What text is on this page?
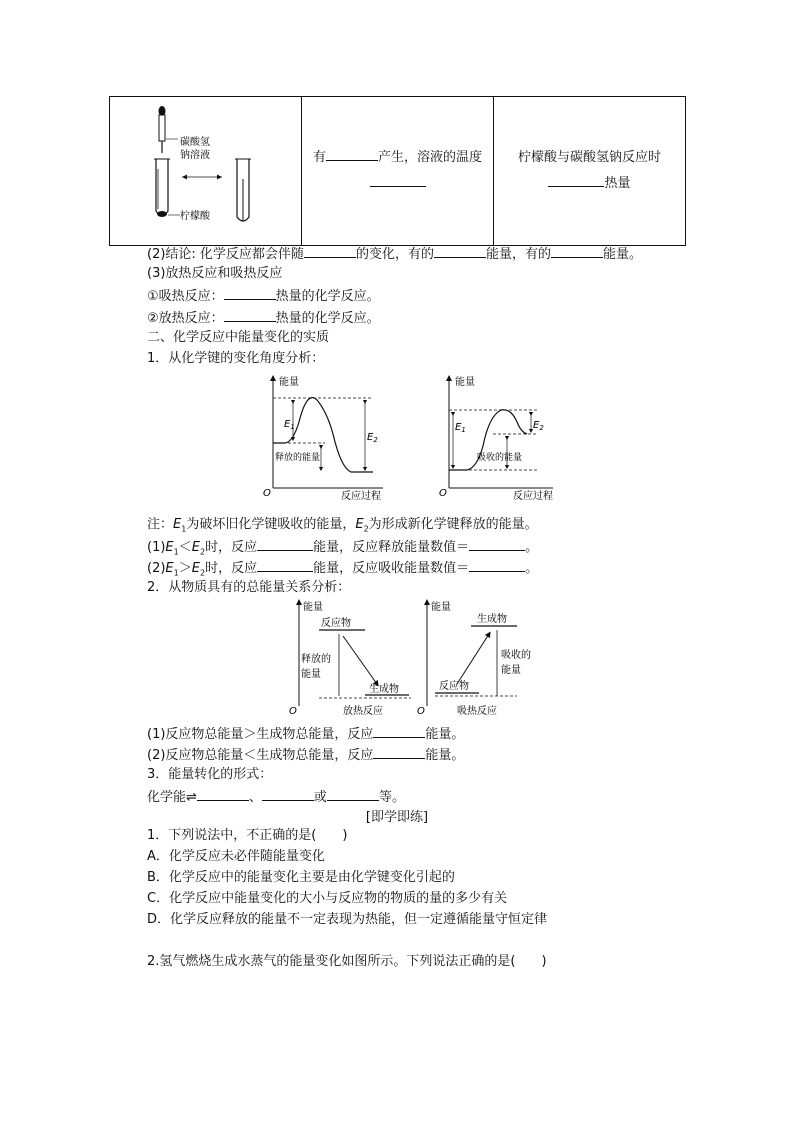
碳酸氢
钠溶液
柠檬酸

有	产生，溶液的温度	柠檬酸与碳酸氢钠反应时
热量
(2)结论: 化学反应都会伴随	的变化，有的	能量，有的	能量。
(3)放热反应和吸热反应
①吸热反应：	热量的化学反应。
②放热反应：	热量的化学反应。
二、化学反应中能量变化的实质
1．从化学键的变化角度分析：
能量
O	反应过程
$E_1$
$E_2$
释放的能量
能量
O	反应过程
$E_1$	$E_2$
吸收的能量
注：$E_1$为破坏旧化学键吸收的能量，$E_2$为形成新化学键释放的能量。
$(1)E_1<E_2$时，反应	能量，反应释放能量数值＝	。
$(2)E_1>E_2$时，反应	能量，反应吸收能量数值＝	。
2．从物质具有的总能量关系分析：
能量
O
反应物
生成物
释放的
能量
放热反应
能量
O
生成物
反应物
吸收的
能量
吸热反应
(1)反应物总能量＞生成物总能量，反应	能量。
(2)反应物总能量＜生成物总能量，反应	能量。
3．能量转化的形式：
化学能⇌	、	或	等。
[即学即练]
1．下列说法中，不正确的是(　　)
A．化学反应未必伴随能量变化
B．化学反应中的能量变化主要是由化学键变化引起的
C．化学反应中能量变化的大小与反应物的物质的量的多少有关
D．化学反应释放的能量不一定表现为热能，但一定遵循能量守恒定律
2.氢气燃烧生成水蒸气的能量变化如图所示。下列说法正确的是(　　)
